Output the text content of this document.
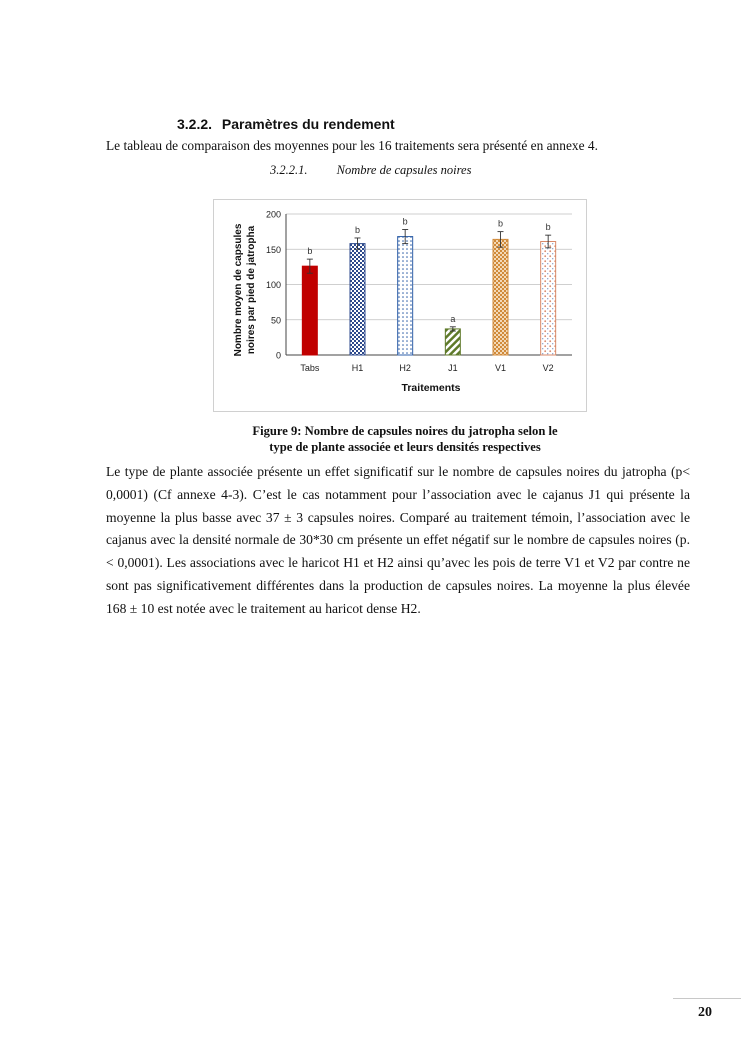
3.2.2. Paramètres du rendement
Le tableau de comparaison des moyennes pour les 16 traitements sera présenté en annexe 4.
3.2.2.1. Nombre de capsules noires
0
50
100
150
200
b
Tabs
b
H1
b
H2
a
J1
b
V1
b
V2
Nombre moyen de capsules noires par pied de jatropha
Traitements
Figure 9: Nombre de capsules noires du jatropha selon le
type de plante associée et leurs densités respectives

Le type de plante associée présente un effet significatif sur le nombre de capsules noires du jatropha (p< 0,0001) (Cf annexe 4-3). C’est le cas notamment pour l’association avec le cajanus J1 qui présente la moyenne la plus basse avec 37 ± 3 capsules noires. Comparé au traitement témoin, l’association avec le cajanus avec la densité normale de 30*30 cm présente un effet négatif sur le nombre de capsules noires (p. < 0,0001). Les associations avec le haricot H1 et H2 ainsi qu’avec les pois de terre V1 et V2 par contre ne sont pas significativement différentes dans la production de capsules noires. La moyenne la plus élevée 168 ± 10 est notée avec le traitement au haricot dense H2.

20
